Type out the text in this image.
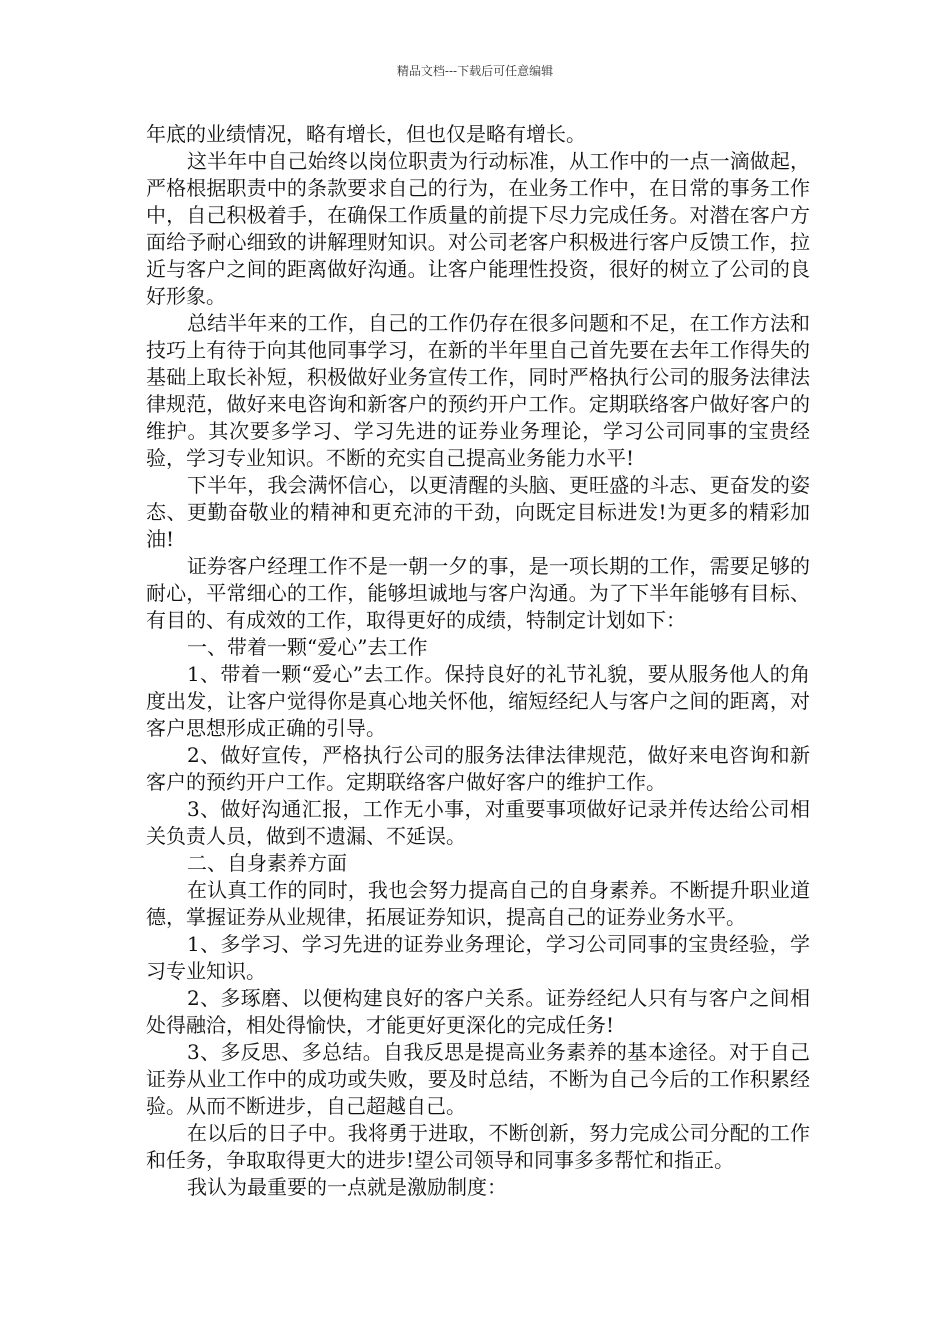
精品文档---下载后可任意编辑

年底的业绩情况，略有增长，但也仅是略有增长。

这半年中自己始终以岗位职责为行动标准，从工作中的一点一滴做起，严格根据职责中的条款要求自己的行为，在业务工作中，在日常的事务工作中，自己积极着手，在确保工作质量的前提下尽力完成任务。对潜在客户方面给予耐心细致的讲解理财知识。对公司老客户积极进行客户反馈工作，拉近与客户之间的距离做好沟通。让客户能理性投资，很好的树立了公司的良好形象。

总结半年来的工作，自己的工作仍存在很多问题和不足，在工作方法和技巧上有待于向其他同事学习，在新的半年里自己首先要在去年工作得失的基础上取长补短，积极做好业务宣传工作，同时严格执行公司的服务法律法律规范，做好来电咨询和新客户的预约开户工作。定期联络客户做好客户的维护。其次要多学习、学习先进的证券业务理论，学习公司同事的宝贵经验，学习专业知识。不断的充实自己提高业务能力水平!

下半年，我会满怀信心，以更清醒的头脑、更旺盛的斗志、更奋发的姿态、更勤奋敬业的精神和更充沛的干劲，向既定目标进发!为更多的精彩加油!

证券客户经理工作不是一朝一夕的事，是一项长期的工作，需要足够的耐心，平常细心的工作，能够坦诚地与客户沟通。为了下半年能够有目标、有目的、有成效的工作，取得更好的成绩，特制定计划如下：

一、带着一颗“爱心”去工作

1、带着一颗“爱心”去工作。保持良好的礼节礼貌，要从服务他人的角度出发，让客户觉得你是真心地关怀他，缩短经纪人与客户之间的距离，对客户思想形成正确的引导。

2、做好宣传，严格执行公司的服务法律法律规范，做好来电咨询和新客户的预约开户工作。定期联络客户做好客户的维护工作。

3、做好沟通汇报，工作无小事，对重要事项做好记录并传达给公司相关负责人员，做到不遗漏、不延误。

二、自身素养方面

在认真工作的同时，我也会努力提高自己的自身素养。不断提升职业道德，掌握证券从业规律，拓展证券知识，提高自己的证券业务水平。

1、多学习、学习先进的证券业务理论，学习公司同事的宝贵经验，学习专业知识。

2、多琢磨、以便构建良好的客户关系。证券经纪人只有与客户之间相处得融洽，相处得愉快，才能更好更深化的完成任务!

3、多反思、多总结。自我反思是提高业务素养的基本途径。对于自己证券从业工作中的成功或失败，要及时总结，不断为自己今后的工作积累经验。从而不断进步，自己超越自己。

在以后的日子中。我将勇于进取，不断创新，努力完成公司分配的工作和任务，争取取得更大的进步!望公司领导和同事多多帮忙和指正。

我认为最重要的一点就是激励制度：
